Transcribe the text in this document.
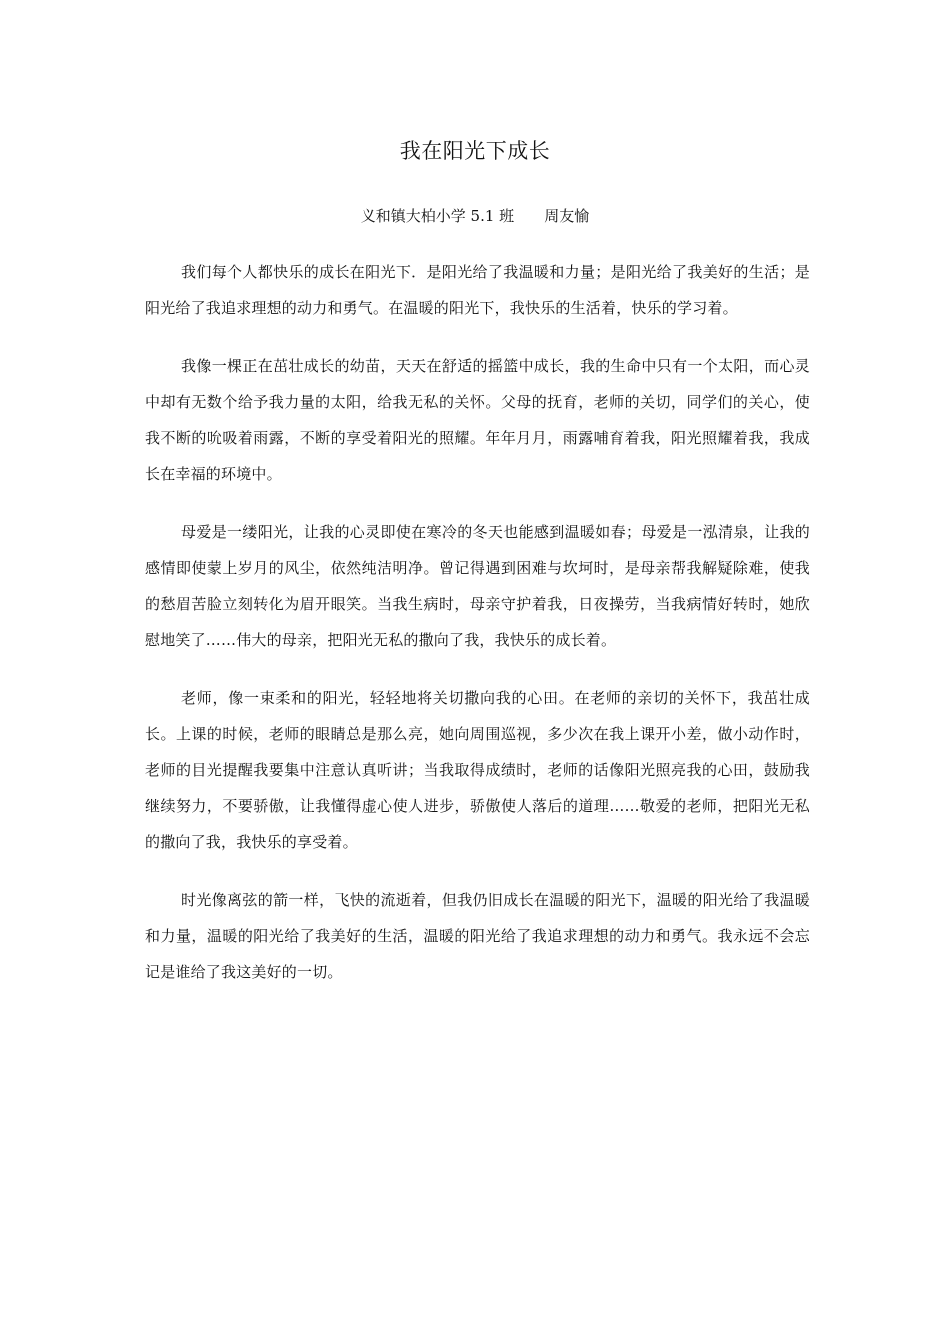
我在阳光下成长
义和镇大柏小学 5.1 班 周友愉

我们每个人都快乐的成长在阳光下．是阳光给了我温暖和力量；是阳光给了我美好的生活；是阳光给了我追求理想的动力和勇气。在温暖的阳光下，我快乐的生活着，快乐的学习着。

我像一棵正在茁壮成长的幼苗，天天在舒适的摇篮中成长，我的生命中只有一个太阳，而心灵中却有无数个给予我力量的太阳，给我无私的关怀。父母的抚育，老师的关切，同学们的关心，使我不断的吮吸着雨露，不断的享受着阳光的照耀。年年月月，雨露哺育着我，阳光照耀着我，我成长在幸福的环境中。

母爱是一缕阳光，让我的心灵即使在寒冷的冬天也能感到温暖如春；母爱是一泓清泉，让我的感情即使蒙上岁月的风尘，依然纯洁明净。曾记得遇到困难与坎坷时，是母亲帮我解疑除难，使我的愁眉苦脸立刻转化为眉开眼笑。当我生病时，母亲守护着我，日夜操劳，当我病情好转时，她欣慰地笑了……伟大的母亲，把阳光无私的撒向了我，我快乐的成长着。

老师，像一束柔和的阳光，轻轻地将关切撒向我的心田。在老师的亲切的关怀下，我茁壮成长。上课的时候，老师的眼睛总是那么亮，她向周围巡视，多少次在我上课开小差，做小动作时，老师的目光提醒我要集中注意认真听讲；当我取得成绩时，老师的话像阳光照亮我的心田，鼓励我继续努力，不要骄傲，让我懂得虚心使人进步，骄傲使人落后的道理……敬爱的老师，把阳光无私的撒向了我，我快乐的享受着。

时光像离弦的箭一样，飞快的流逝着，但我仍旧成长在温暖的阳光下，温暖的阳光给了我温暖和力量，温暖的阳光给了我美好的生活，温暖的阳光给了我追求理想的动力和勇气。我永远不会忘记是谁给了我这美好的一切。
